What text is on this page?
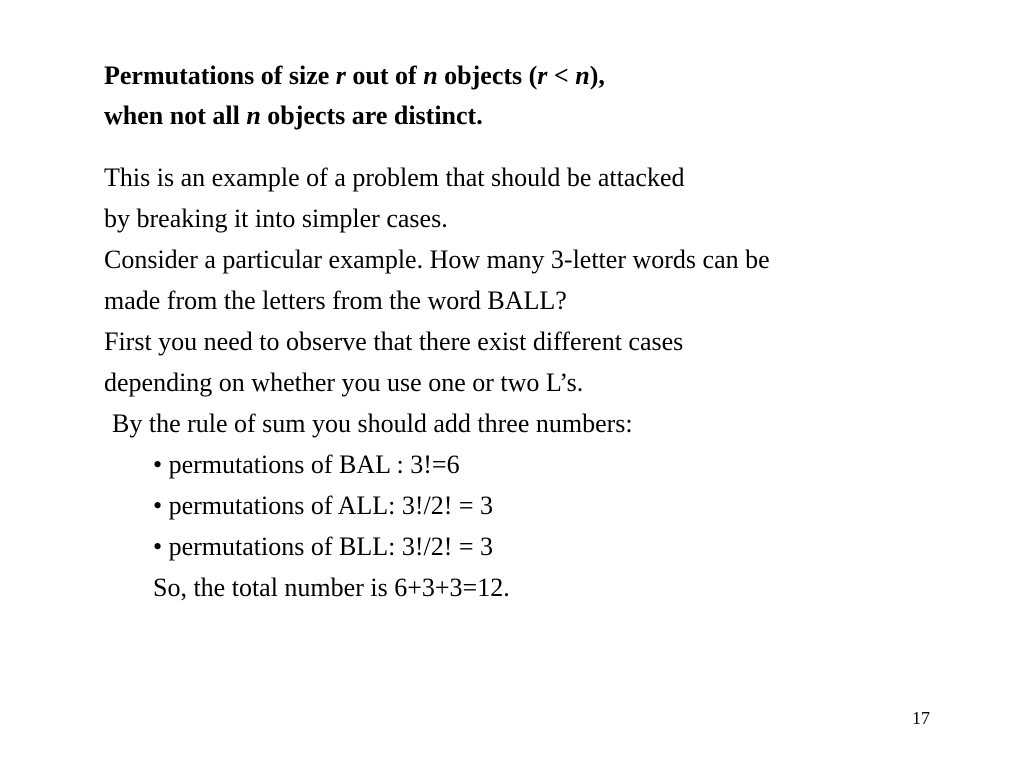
Permutations of size r out of n objects (r < n),
when not all n objects are distinct.
This is an example of a problem that should be attacked
by breaking it into simpler cases.
Consider a particular example. How many 3-letter words can be
made from the letters from the word BALL?
First you need to observe that there exist different cases
depending on whether you use one or two L’s.
By the rule of sum you should add three numbers:
• permutations of BAL : 3!=6
• permutations of ALL: 3!/2! = 3
• permutations of BLL: 3!/2! = 3
So, the total number is 6+3+3=12.
17
